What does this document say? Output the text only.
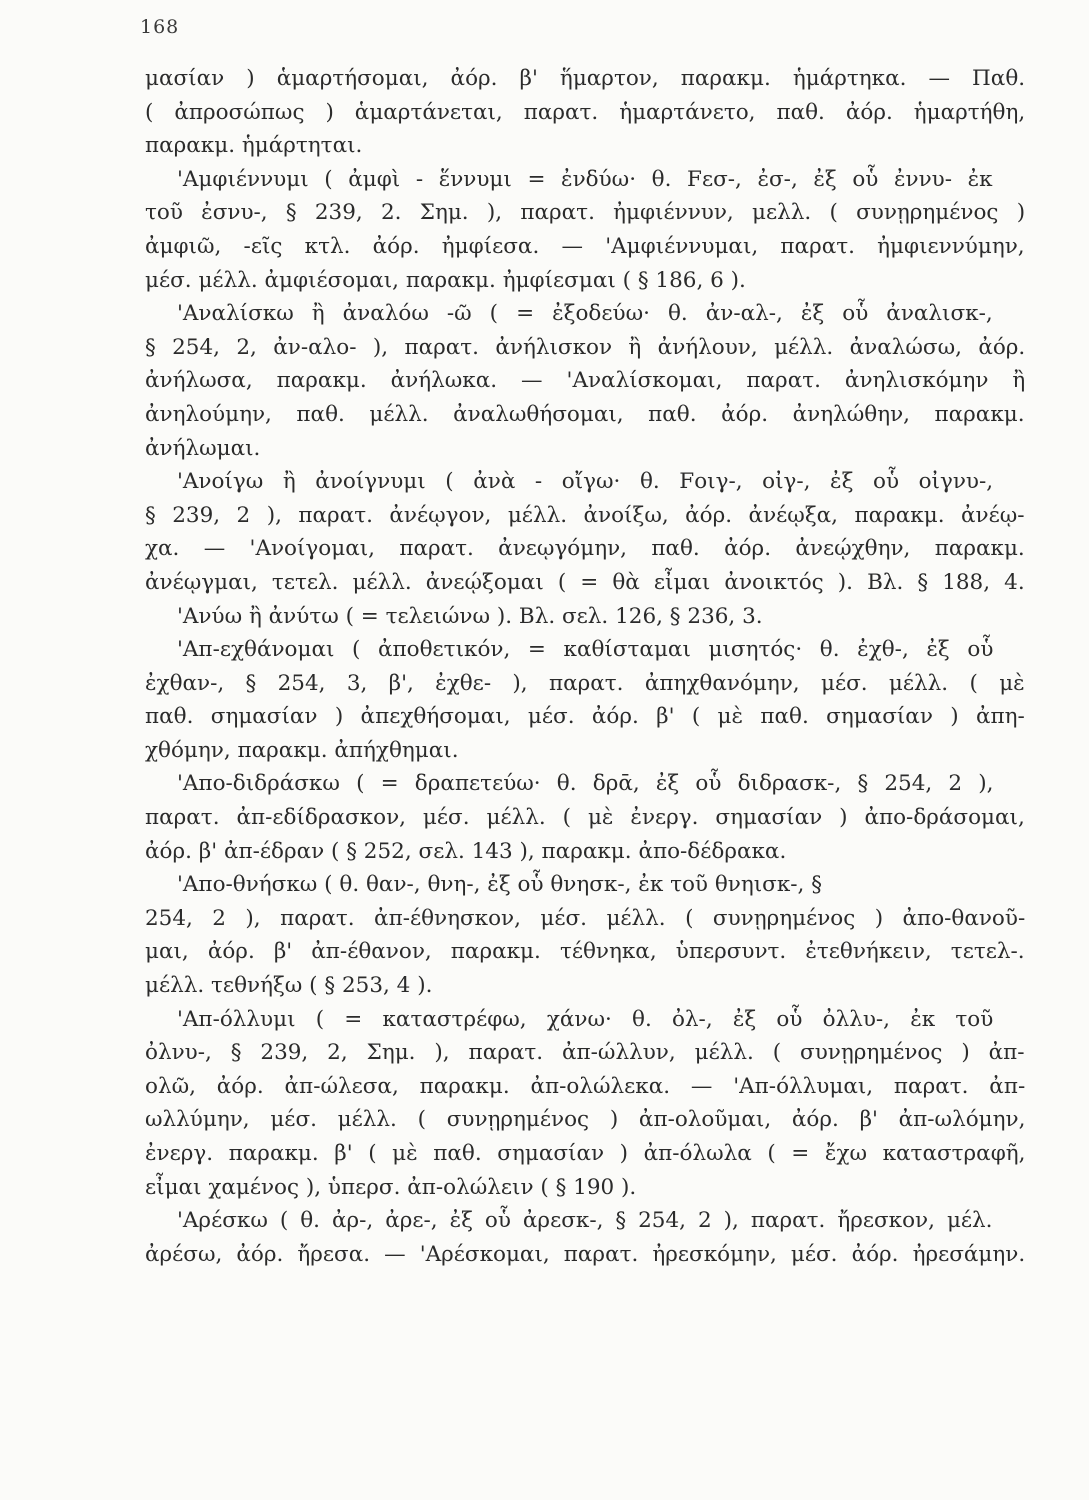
168
μασίαν ) ἁμαρτήσομαι, ἀόρ. β' ἥμαρτον, παρακμ. ἡμάρτηκα. — Παθ.
( ἀπροσώπως ) ἁμαρτάνεται, παρατ. ἡμαρτάνετο, παθ. ἀόρ. ἡμαρτήθη,
παρακμ. ἡμάρτηται.
'Αμφιέννυμι ( ἀμφὶ - ἕννυμι = ἐνδύω· θ. Fεσ-, ἐσ-, ἐξ οὗ ἐννυ- ἐκ
τοῦ ἐσνυ-, § 239, 2. Σημ. ), παρατ. ἠμφιέννυν, μελλ. ( συνῃρημένος )
ἀμφιῶ, -εῖς κτλ. ἀόρ. ἠμφίεσα. — 'Αμφιέννυμαι, παρατ. ἠμφιεννύμην,
μέσ. μέλλ. ἀμφιέσομαι, παρακμ. ἠμφίεσμαι ( § 186, 6 ).
'Αναλίσκω ἢ ἀναλόω -ῶ ( = ἐξοδεύω· θ. ἀν-αλ-, ἐξ οὗ ἀναλισκ-,
§ 254, 2, ἀν-αλο- ), παρατ. ἀνήλισκον ἢ ἀνήλουν, μέλλ. ἀναλώσω, ἀόρ.
ἀνήλωσα, παρακμ. ἀνήλωκα. — 'Αναλίσκομαι, παρατ. ἀνηλισκόμην ἢ
ἀνηλούμην, παθ. μέλλ. ἀναλωθήσομαι, παθ. ἀόρ. ἀνηλώθην, παρακμ.
ἀνήλωμαι.
'Ανοίγω ἢ ἀνοίγνυμι ( ἀνὰ - οἴγω· θ. Fοιγ-, οἰγ-, ἐξ οὗ οἰγνυ-,
§ 239, 2 ), παρατ. ἀνέῳγον, μέλλ. ἀνοίξω, ἀόρ. ἀνέῳξα, παρακμ. ἀνέῳ-
χα. — 'Ανοίγομαι, παρατ. ἀνεῳγόμην, παθ. ἀόρ. ἀνεῴχθην, παρακμ.
ἀνέῳγμαι, τετελ. μέλλ. ἀνεῴξομαι ( = θὰ εἶμαι ἀνοικτός ). Βλ. § 188, 4.
'Ανύω ἢ ἀνύτω ( = τελειώνω ). Βλ. σελ. 126, § 236, 3.
'Απ-εχθάνομαι ( ἀποθετικόν, = καθίσταμαι μισητός· θ. ἐχθ-, ἐξ οὗ
ἐχθαν-, § 254, 3, β', ἐχθε- ), παρατ. ἀπηχθανόμην, μέσ. μέλλ. ( μὲ
παθ. σημασίαν ) ἀπεχθήσομαι, μέσ. ἀόρ. β' ( μὲ παθ. σημασίαν ) ἀπη-
χθόμην, παρακμ. ἀπήχθημαι.
'Απο-διδράσκω ( = δραπετεύω· θ. δρᾱ, ἐξ οὗ διδρασκ-, § 254, 2 ),
παρατ. ἀπ-εδίδρασκον, μέσ. μέλλ. ( μὲ ἐνεργ. σημασίαν ) ἀπο-δράσομαι,
ἀόρ. β' ἀπ-έδραν ( § 252, σελ. 143 ), παρακμ. ἀπο-δέδρακα.
'Απο-θνήσκω ( θ. θαν-, θνη-, ἐξ οὗ θνησκ-, ἐκ τοῦ θνηισκ-, §
254, 2 ), παρατ. ἀπ-έθνησκον, μέσ. μέλλ. ( συνῃρημένος ) ἀπο-θανοῦ-
μαι, ἀόρ. β' ἀπ-έθανον, παρακμ. τέθνηκα, ὑπερσυντ. ἐτεθνήκειν, τετελ-.
μέλλ. τεθνήξω ( § 253, 4 ).
'Απ-όλλυμι ( = καταστρέφω, χάνω· θ. ὀλ-, ἐξ οὗ ὀλλυ-, ἐκ τοῦ
ὀλνυ-, § 239, 2, Σημ. ), παρατ. ἀπ-ώλλυν, μέλλ. ( συνῃρημένος ) ἀπ-
ολῶ, ἀόρ. ἀπ-ώλεσα, παρακμ. ἀπ-ολώλεκα. — 'Απ-όλλυμαι, παρατ. ἀπ-
ωλλύμην, μέσ. μέλλ. ( συνῃρημένος ) ἀπ-ολοῦμαι, ἀόρ. β' ἀπ-ωλόμην,
ἐνεργ. παρακμ. β' ( μὲ παθ. σημασίαν ) ἀπ-όλωλα ( = ἔχω καταστραφῆ,
εἶμαι χαμένος ), ὑπερσ. ἀπ-ολώλειν ( § 190 ).
'Αρέσκω ( θ. ἀρ-, ἀρε-, ἐξ οὗ ἀρεσκ-, § 254, 2 ), παρατ. ἤρεσκον, μέλ.
ἀρέσω, ἀόρ. ἤρεσα. — 'Αρέσκομαι, παρατ. ἠρεσκόμην, μέσ. ἀόρ. ἠρεσάμην.
